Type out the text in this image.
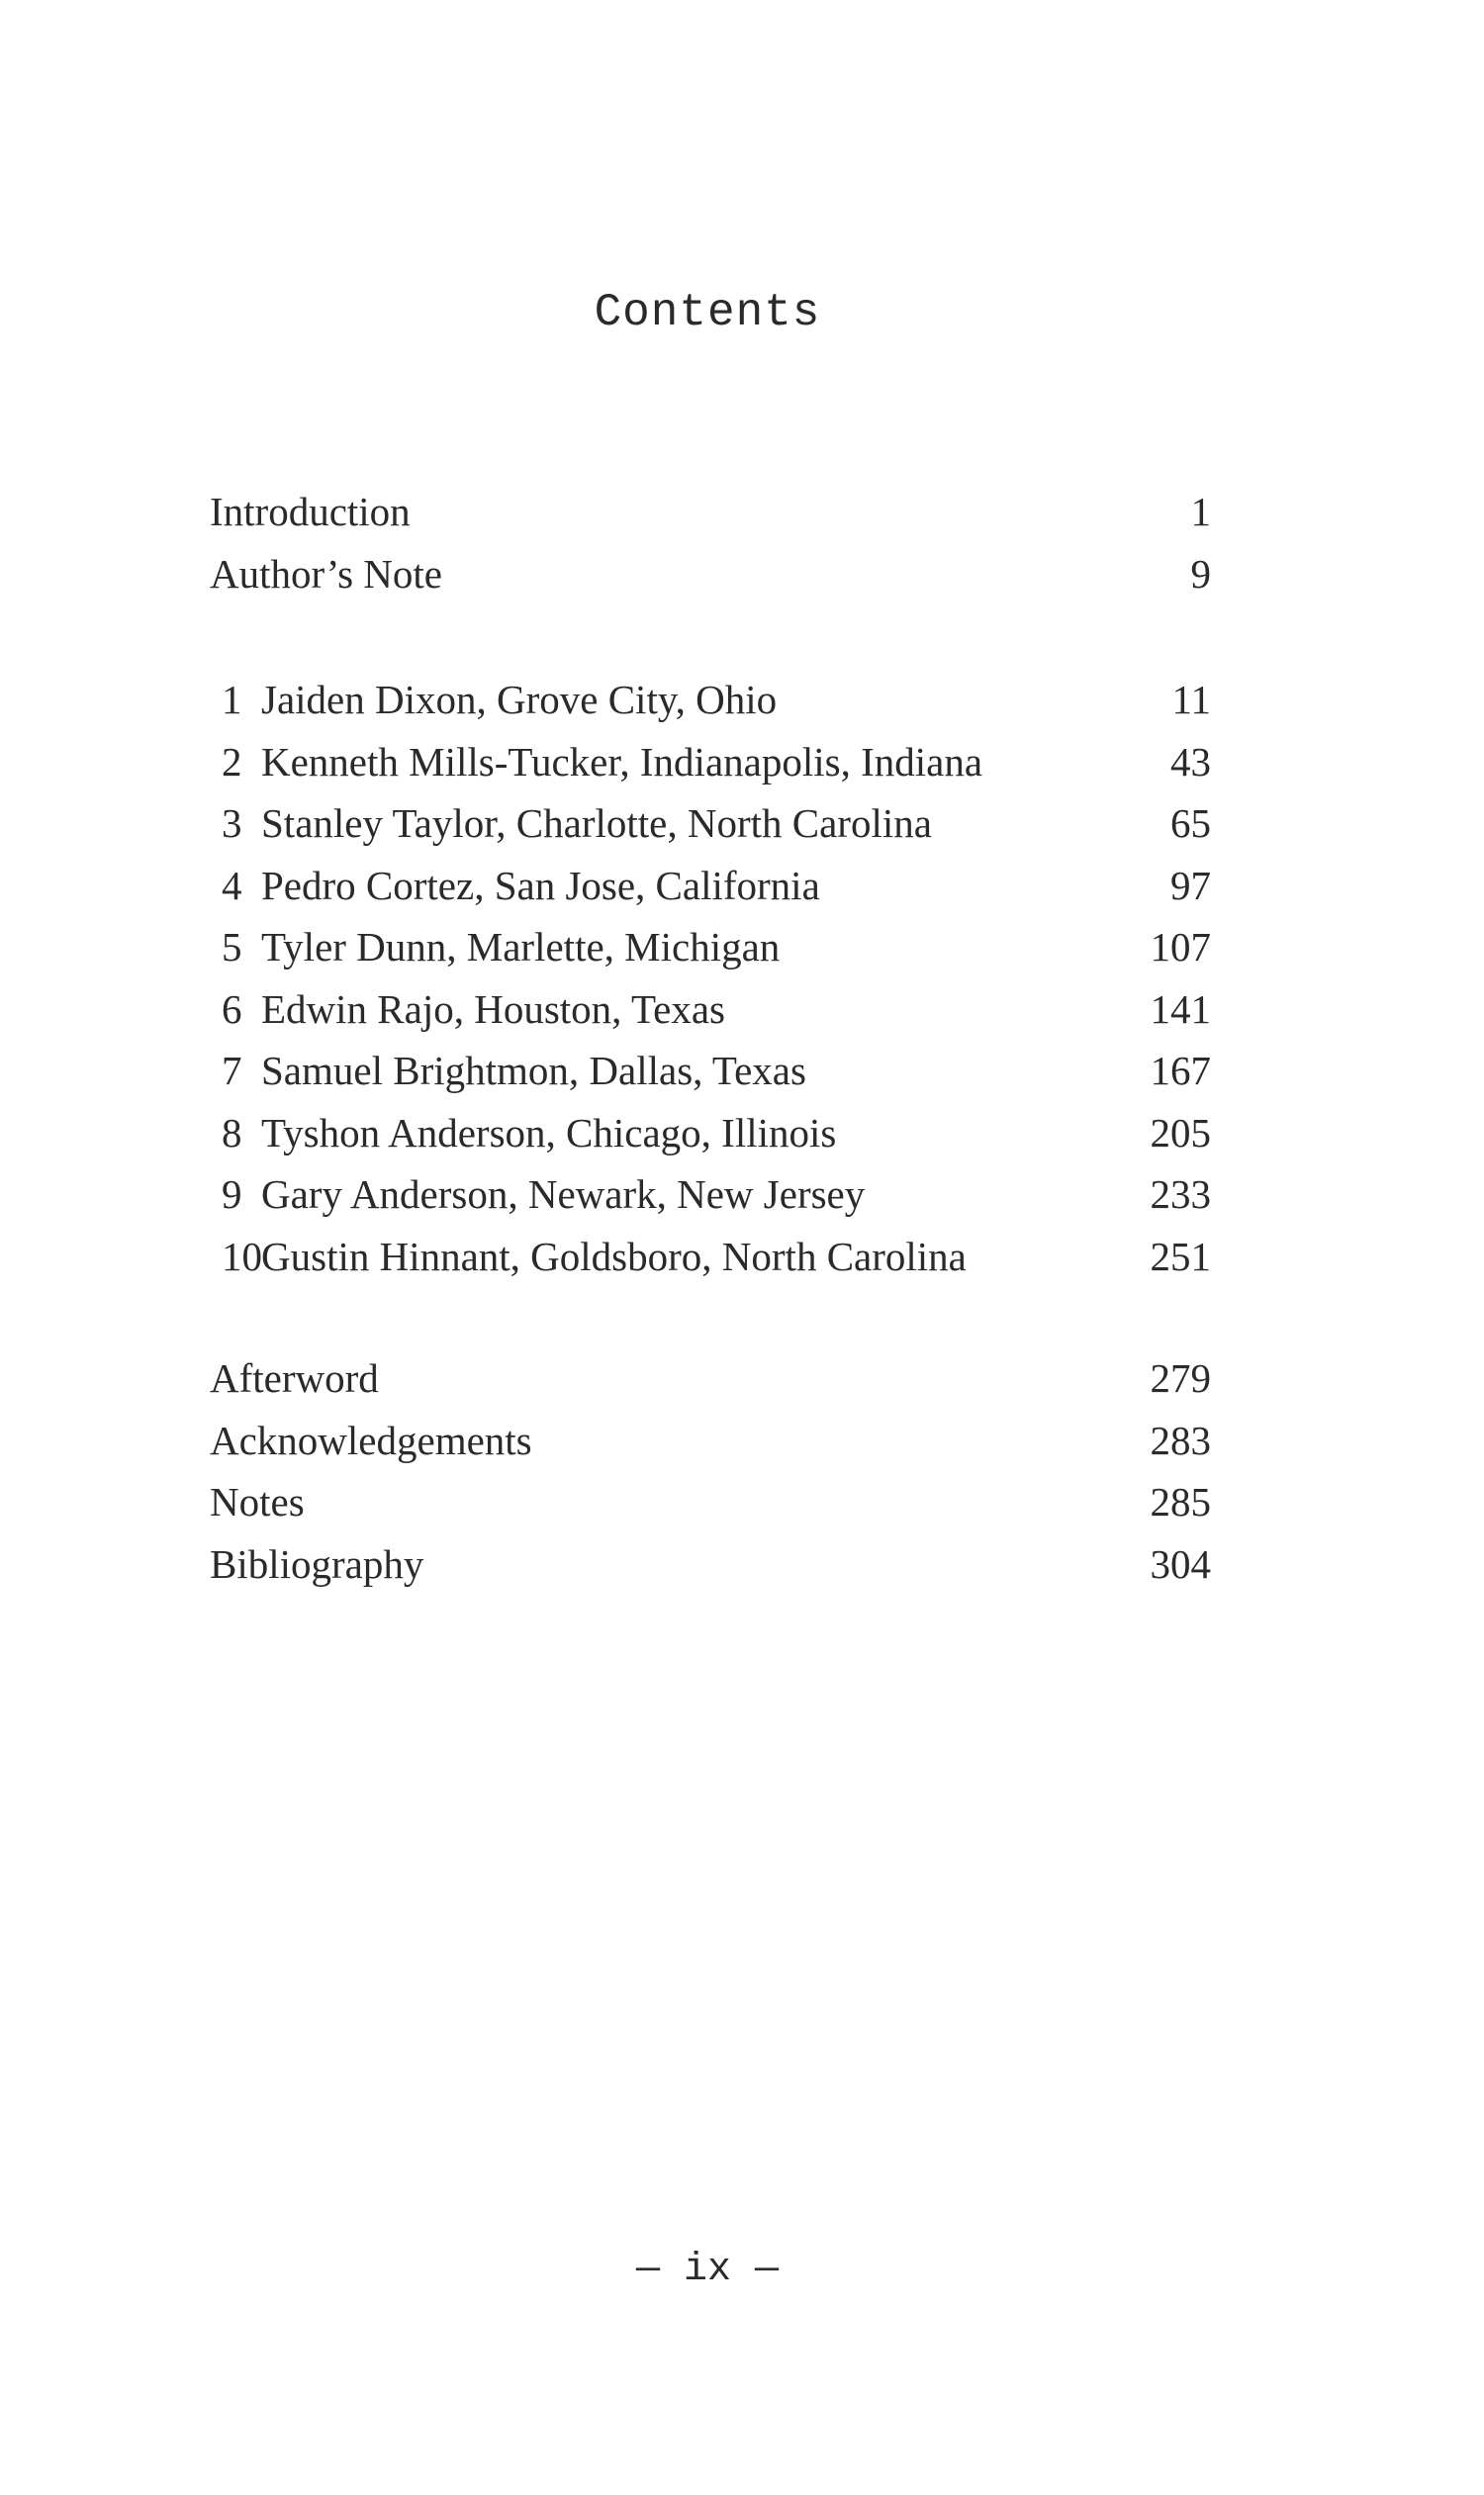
Contents
Introduction	1
Author’s Note	9
1 Jaiden Dixon, Grove City, Ohio	11
2 Kenneth Mills-Tucker, Indianapolis, Indiana	43
3 Stanley Taylor, Charlotte, North Carolina	65
4 Pedro Cortez, San Jose, California	97
5 Tyler Dunn, Marlette, Michigan	107
6 Edwin Rajo, Houston, Texas	141
7 Samuel Brightmon, Dallas, Texas	167
8 Tyshon Anderson, Chicago, Illinois	205
9 Gary Anderson, Newark, New Jersey	233
10 Gustin Hinnant, Goldsboro, North Carolina	251
Afterword	279
Acknowledgements	283
Notes	285
Bibliography	304
— ix —
